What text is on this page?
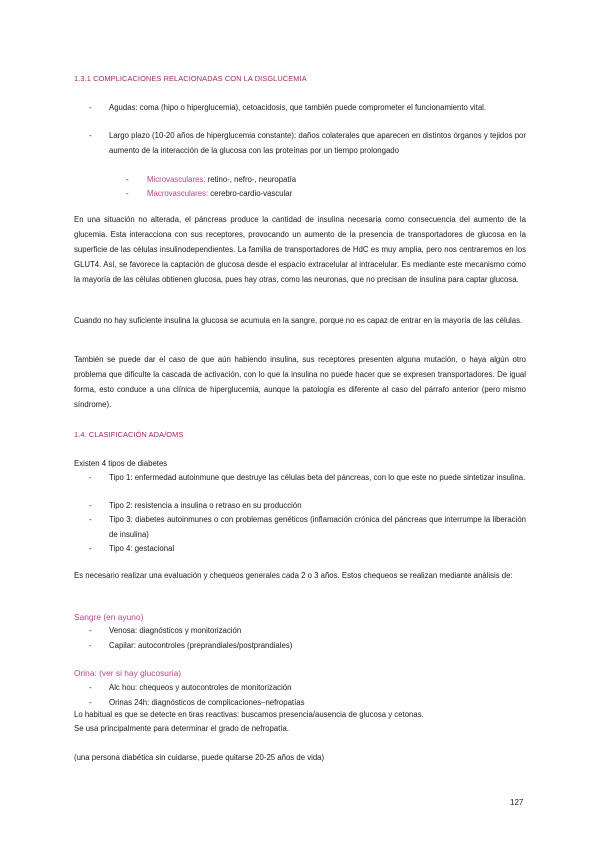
1.3.1 COMPLICACIONES RELACIONADAS CON LA DISGLUCEMIA
- Agudas: coma (hipo o hiperglucemia), cetoacidosis, que también puede comprometer el funcionamiento vital.

- Largo plazo (10-20 años de hiperglucemia constante): daños colaterales que aparecen en distintos órganos y tejidos por aumento de la interacción de la glucosa con las proteínas por un tiempo prolongado

- Microvasculares: retino-, nefro-, neuropatía

- Macrovasculares: cerebro-cardio-vascular

En una situación no alterada, el páncreas produce la cantidad de insulina necesaria como consecuencia del aumento de la glucemia. Esta interacciona con sus receptores, provocando un aumento de la presencia de transportadores de glucosa en la superficie de las células insulinodependientes. La familia de transportadores de HdC es muy amplia, pero nos centraremos en los GLUT4. Así, se favorece la captación de glucosa desde el espacio extracelular al intracelular. Es mediante este mecanismo como la mayoría de las células obtienen glucosa, pues hay otras, como las neuronas, que no precisan de insulina para captar glucosa.

Cuando no hay suficiente insulina la glucosa se acumula en la sangre, porque no es capaz de entrar en la mayoría de las células.

También se puede dar el caso de que aún habiendo insulina, sus receptores presenten alguna mutación, o haya algún otro problema que dificulte la cascada de activación, con lo que la insulina no puede hacer que se expresen transportadores. De igual forma, esto conduce a una clínica de hiperglucemia, aunque la patología es diferente al caso del párrafo anterior (pero mismo síndrome).

1.4. CLASIFICACIÓN ADA/OMS

Existen 4 tipos de diabetes

- Tipo 1: enfermedad autoinmune que destruye las células beta del páncreas, con lo que este no puede sintetizar insulina.

- Tipo 2: resistencia a insulina o retraso en su producción

- Tipo 3: diabetes autoinmunes o con problemas genéticos (inflamación crónica del páncreas que interrumpe la liberación de insulina)

- Tipo 4: gestacional

Es necesario realizar una evaluación y chequeos generales cada 2 o 3 años. Estos chequeos se realizan mediante análisis de:

Sangre (en ayuno)
- Venosa: diagnósticos y monitorización

- Capilar: autocontroles (preprandiales/postprandiales)

Orina: (ver si hay glucosuria)
- Alc hou: chequeos y autocontroles de monitorización

- Orinas 24h: diagnósticos de complicaciones–nefropatías

Lo habitual es que se detecte en tiras reactivas: buscamos presencia/ausencia de glucosa y cetonas.

Se usa principalmente para determinar el grado de nefropatía.

(una persona diabética sin cuidarse, puede quitarse 20-25 años de vida)

127
